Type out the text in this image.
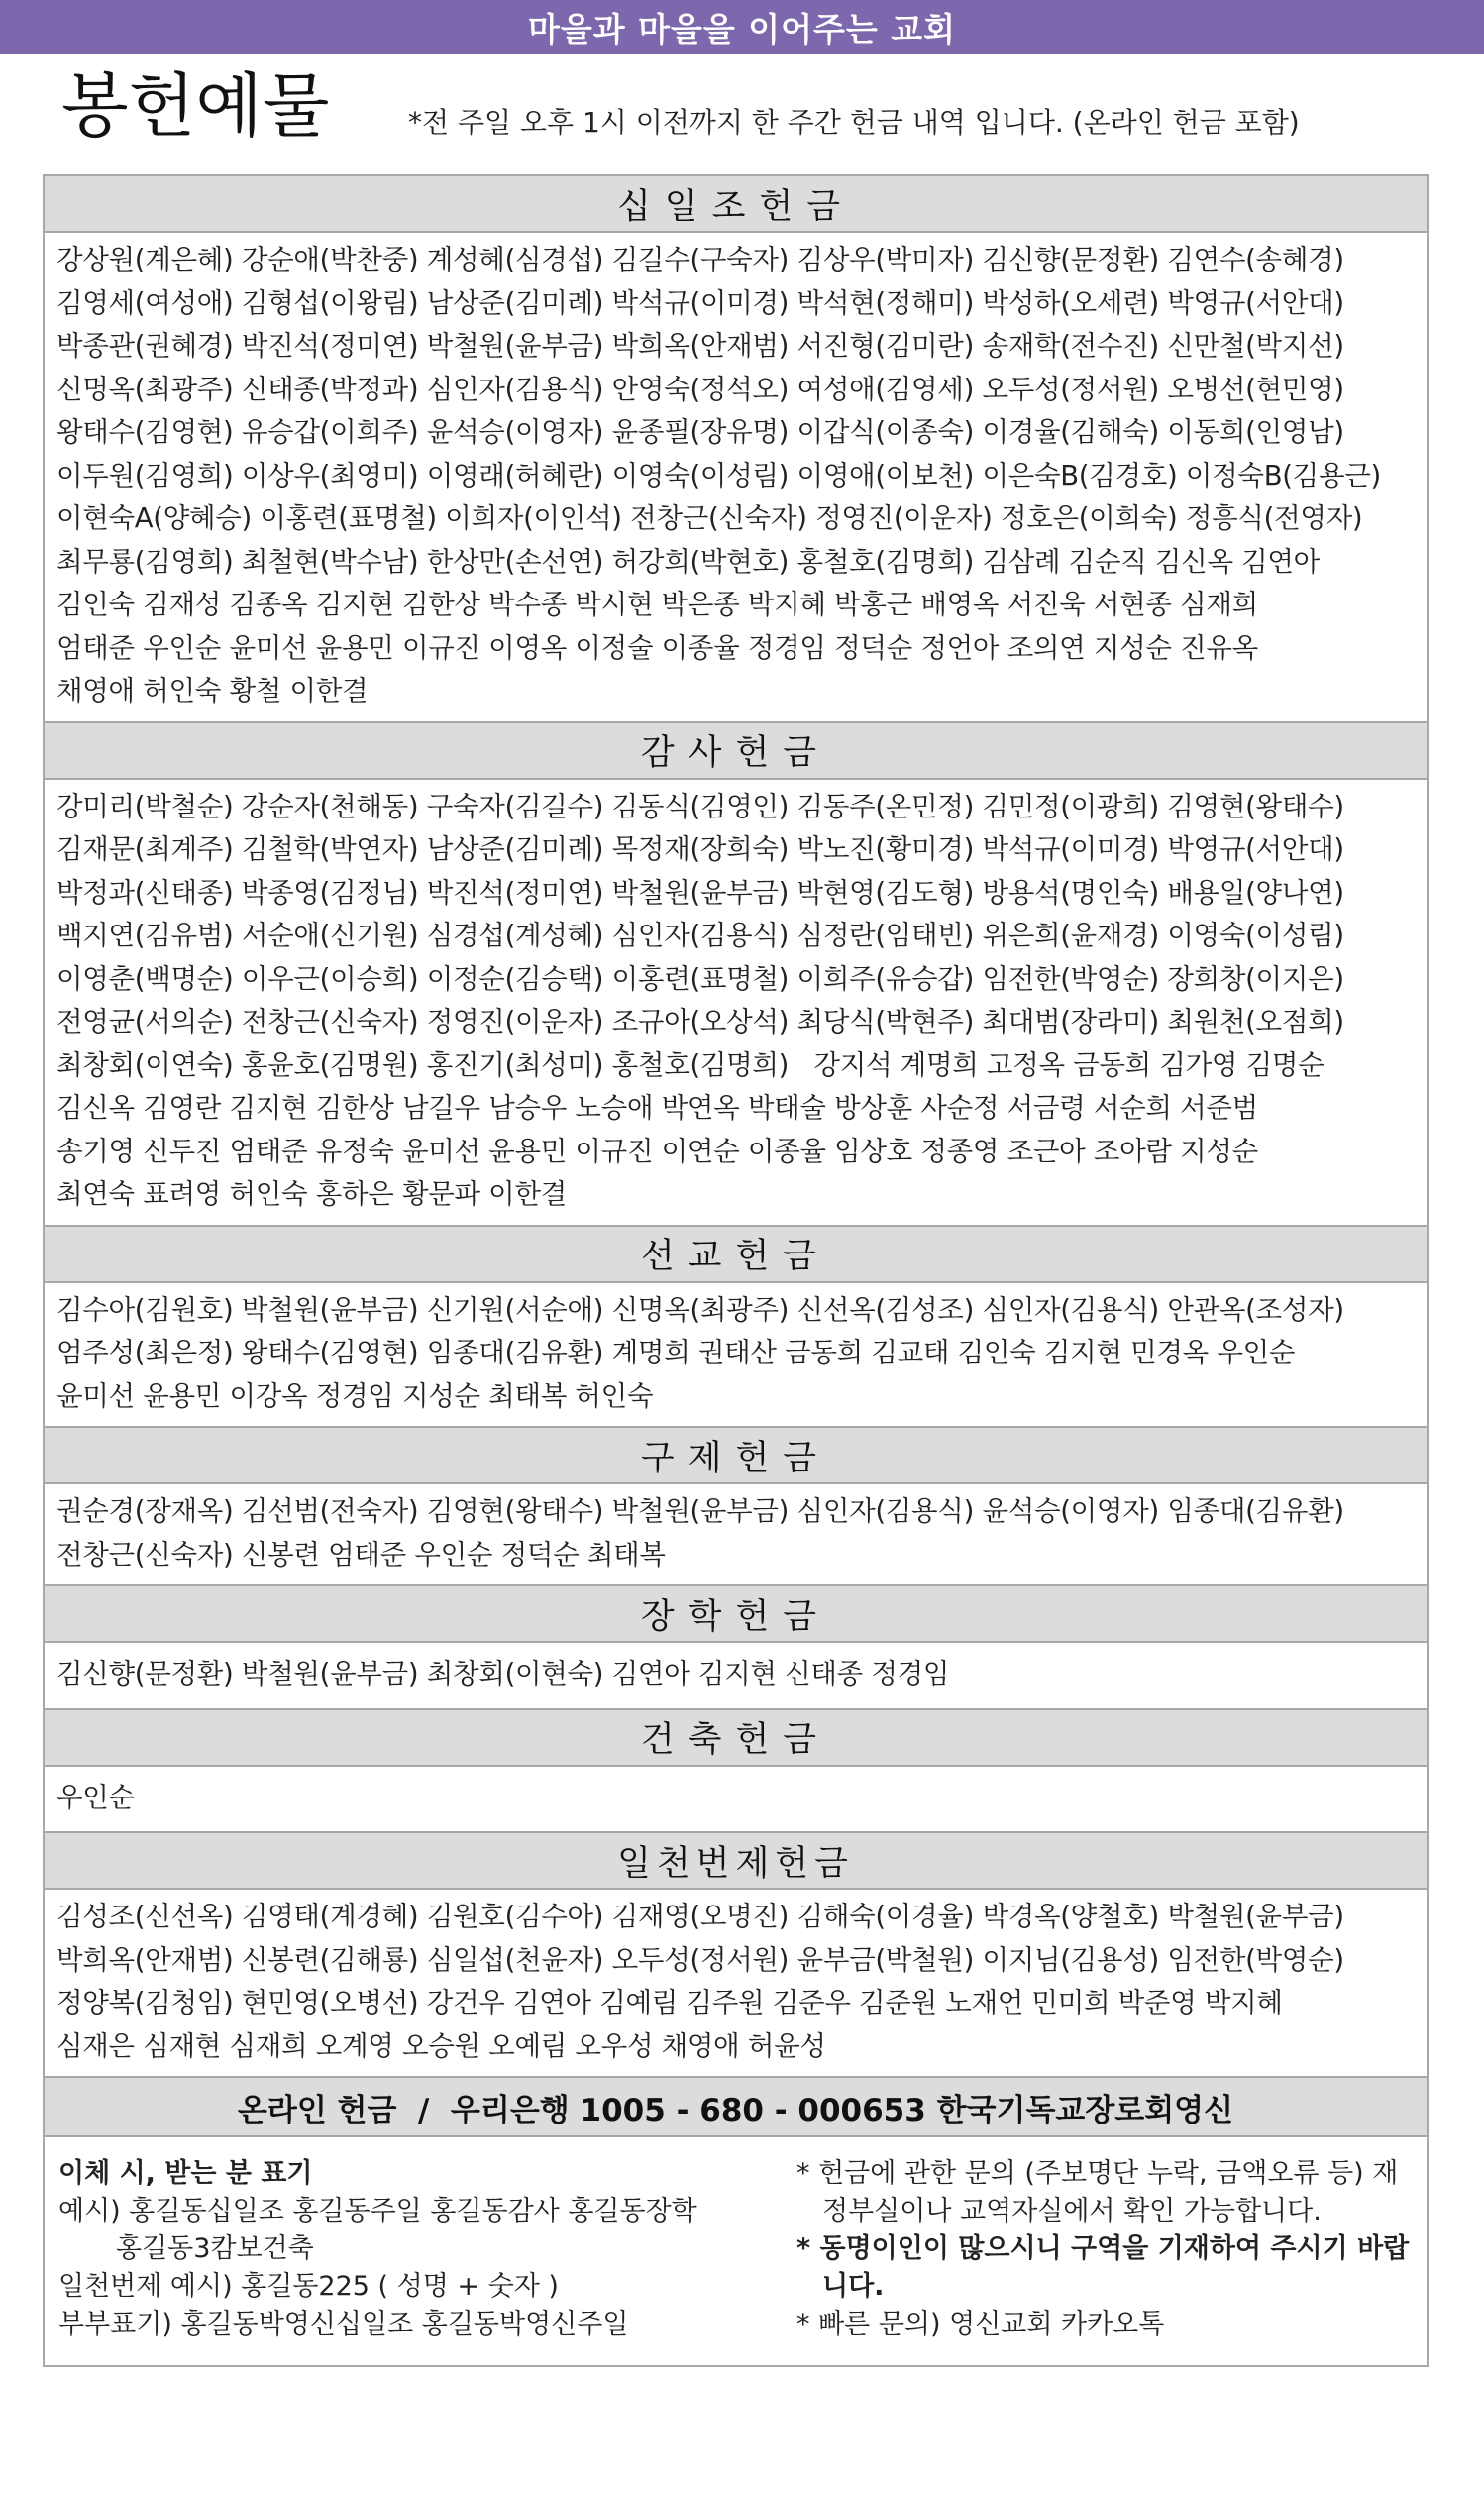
마을과 마을을 이어주는 교회
봉헌예물	*전 주일 오후 1시 이전까지 한 주간 헌금 내역 입니다. (온라인 헌금 포함)
십일조헌금
강상원(계은혜) 강순애(박찬중) 계성혜(심경섭) 김길수(구숙자) 김상우(박미자) 김신향(문정환) 김연수(송혜경)
김영세(여성애) 김형섭(이왕림) 남상준(김미례) 박석규(이미경) 박석현(정해미) 박성하(오세련) 박영규(서안대)
박종관(권혜경) 박진석(정미연) 박철원(윤부금) 박희옥(안재범) 서진형(김미란) 송재학(전수진) 신만철(박지선)
신명옥(최광주) 신태종(박정과) 심인자(김용식) 안영숙(정석오) 여성애(김영세) 오두성(정서원) 오병선(현민영)
왕태수(김영현) 유승갑(이희주) 윤석승(이영자) 윤종필(장유명) 이갑식(이종숙) 이경율(김해숙) 이동희(인영남)
이두원(김영희) 이상우(최영미) 이영래(허혜란) 이영숙(이성림) 이영애(이보천) 이은숙B(김경호) 이정숙B(김용근)
이현숙A(양혜승) 이홍련(표명철) 이희자(이인석) 전창근(신숙자) 정영진(이운자) 정호은(이희숙) 정흥식(전영자)
최무룡(김영희) 최철현(박수남) 한상만(손선연) 허강희(박현호) 홍철호(김명희) 김삼례 김순직 김신옥 김연아
김인숙 김재성 김종옥 김지현 김한상 박수종 박시현 박은종 박지혜 박홍근 배영옥 서진욱 서현종 심재희
엄태준 우인순 윤미선 윤용민 이규진 이영옥 이정술 이종율 정경임 정덕순 정언아 조의연 지성순 진유옥
채영애 허인숙 황철 이한결
감사헌금
강미리(박철순) 강순자(천해동) 구숙자(김길수) 김동식(김영인) 김동주(온민정) 김민정(이광희) 김영현(왕태수)
김재문(최계주) 김철학(박연자) 남상준(김미례) 목정재(장희숙) 박노진(황미경) 박석규(이미경) 박영규(서안대)
박정과(신태종) 박종영(김정님) 박진석(정미연) 박철원(윤부금) 박현영(김도형) 방용석(명인숙) 배용일(양나연)
백지연(김유범) 서순애(신기원) 심경섭(계성혜) 심인자(김용식) 심정란(임태빈) 위은희(윤재경) 이영숙(이성림)
이영춘(백명순) 이우근(이승희) 이정순(김승택) 이홍련(표명철) 이희주(유승갑) 임전한(박영순) 장희창(이지은)
전영균(서의순) 전창근(신숙자) 정영진(이운자) 조규아(오상석) 최당식(박현주) 최대범(장라미) 최원천(오점희)
최창회(이연숙) 홍윤호(김명원) 홍진기(최성미) 홍철호(김명희)   강지석 계명희 고정옥 금동희 김가영 김명순
김신옥 김영란 김지현 김한상 남길우 남승우 노승애 박연옥 박태술 방상훈 사순정 서금령 서순희 서준범
송기영 신두진 엄태준 유정숙 윤미선 윤용민 이규진 이연순 이종율 임상호 정종영 조근아 조아람 지성순
최연숙 표려영 허인숙 홍하은 황문파 이한결
선교헌금
김수아(김원호) 박철원(윤부금) 신기원(서순애) 신명옥(최광주) 신선옥(김성조) 심인자(김용식) 안관옥(조성자)
엄주성(최은정) 왕태수(김영현) 임종대(김유환) 계명희 권태산 금동희 김교태 김인숙 김지현 민경옥 우인순
윤미선 윤용민 이강옥 정경임 지성순 최태복 허인숙
구제헌금
권순경(장재옥) 김선범(전숙자) 김영현(왕태수) 박철원(윤부금) 심인자(김용식) 윤석승(이영자) 임종대(김유환)
전창근(신숙자) 신봉련 엄태준 우인순 정덕순 최태복
장학헌금
김신향(문정환) 박철원(윤부금) 최창회(이현숙) 김연아 김지현 신태종 정경임
건축헌금
우인순
일천번제헌금
김성조(신선옥) 김영태(계경혜) 김원호(김수아) 김재영(오명진) 김해숙(이경율) 박경옥(양철호) 박철원(윤부금)
박희옥(안재범) 신봉련(김해룡) 심일섭(천윤자) 오두성(정서원) 윤부금(박철원) 이지님(김용성) 임전한(박영순)
정양복(김청임) 현민영(오병선) 강건우 김연아 김예림 김주원 김준우 김준원 노재언 민미희 박준영 박지혜
심재은 심재현 심재희 오계영 오승원 오예림 오우성 채영애 허윤성
온라인 헌금  /  우리은행 1005 - 680 - 000653 한국기독교장로회영신
이체 시, 받는 분 표기
예시) 홍길동십일조 홍길동주일 홍길동감사 홍길동장학
홍길동3캄보건축
일천번제 예시) 홍길동225 ( 성명 + 숫자 )
부부표기) 홍길동박영신십일조 홍길동박영신주일
* 헌금에 관한 문의 (주보명단 누락, 금액오류 등) 재정부실이나 교역자실에서 확인 가능합니다.
* 동명이인이 많으시니 구역을 기재하여 주시기 바랍니다.
* 빠른 문의) 영신교회 카카오톡
